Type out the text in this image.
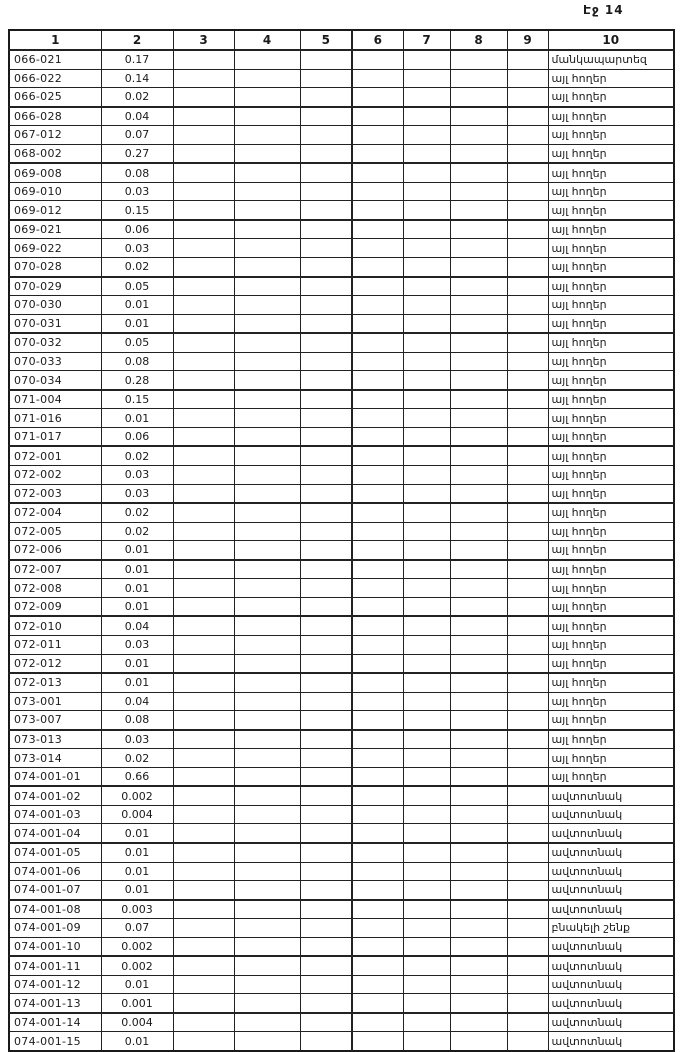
Էջ 14
1	2	3	4	5	6	7	8	9	10
066-021	0.17								մանկապարտեզ
066-022	0.14								այլ հողեր
066-025	0.02								այլ հողեր
066-028	0.04								այլ հողեր
067-012	0.07								այլ հողեր
068-002	0.27								այլ հողեր
069-008	0.08								այլ հողեր
069-010	0.03								այլ հողեր
069-012	0.15								այլ հողեր
069-021	0.06								այլ հողեր
069-022	0.03								այլ հողեր
070-028	0.02								այլ հողեր
070-029	0.05								այլ հողեր
070-030	0.01								այլ հողեր
070-031	0.01								այլ հողեր
070-032	0.05								այլ հողեր
070-033	0.08								այլ հողեր
070-034	0.28								այլ հողեր
071-004	0.15								այլ հողեր
071-016	0.01								այլ հողեր
071-017	0.06								այլ հողեր
072-001	0.02								այլ հողեր
072-002	0.03								այլ հողեր
072-003	0.03								այլ հողեր
072-004	0.02								այլ հողեր
072-005	0.02								այլ հողեր
072-006	0.01								այլ հողեր
072-007	0.01								այլ հողեր
072-008	0.01								այլ հողեր
072-009	0.01								այլ հողեր
072-010	0.04								այլ հողեր
072-011	0.03								այլ հողեր
072-012	0.01								այլ հողեր
072-013	0.01								այլ հողեր
073-001	0.04								այլ հողեր
073-007	0.08								այլ հողեր
073-013	0.03								այլ հողեր
073-014	0.02								այլ հողեր
074-001-01	0.66								այլ հողեր
074-001-02	0.002								ավտոտնակ
074-001-03	0.004								ավտոտնակ
074-001-04	0.01								ավտոտնակ
074-001-05	0.01								ավտոտնակ
074-001-06	0.01								ավտոտնակ
074-001-07	0.01								ավտոտնակ
074-001-08	0.003								ավտոտնակ
074-001-09	0.07								բնակելի շենք
074-001-10	0.002								ավտոտնակ
074-001-11	0.002								ավտոտնակ
074-001-12	0.01								ավտոտնակ
074-001-13	0.001								ավտոտնակ
074-001-14	0.004								ավտոտնակ
074-001-15	0.01								ավտոտնակ
